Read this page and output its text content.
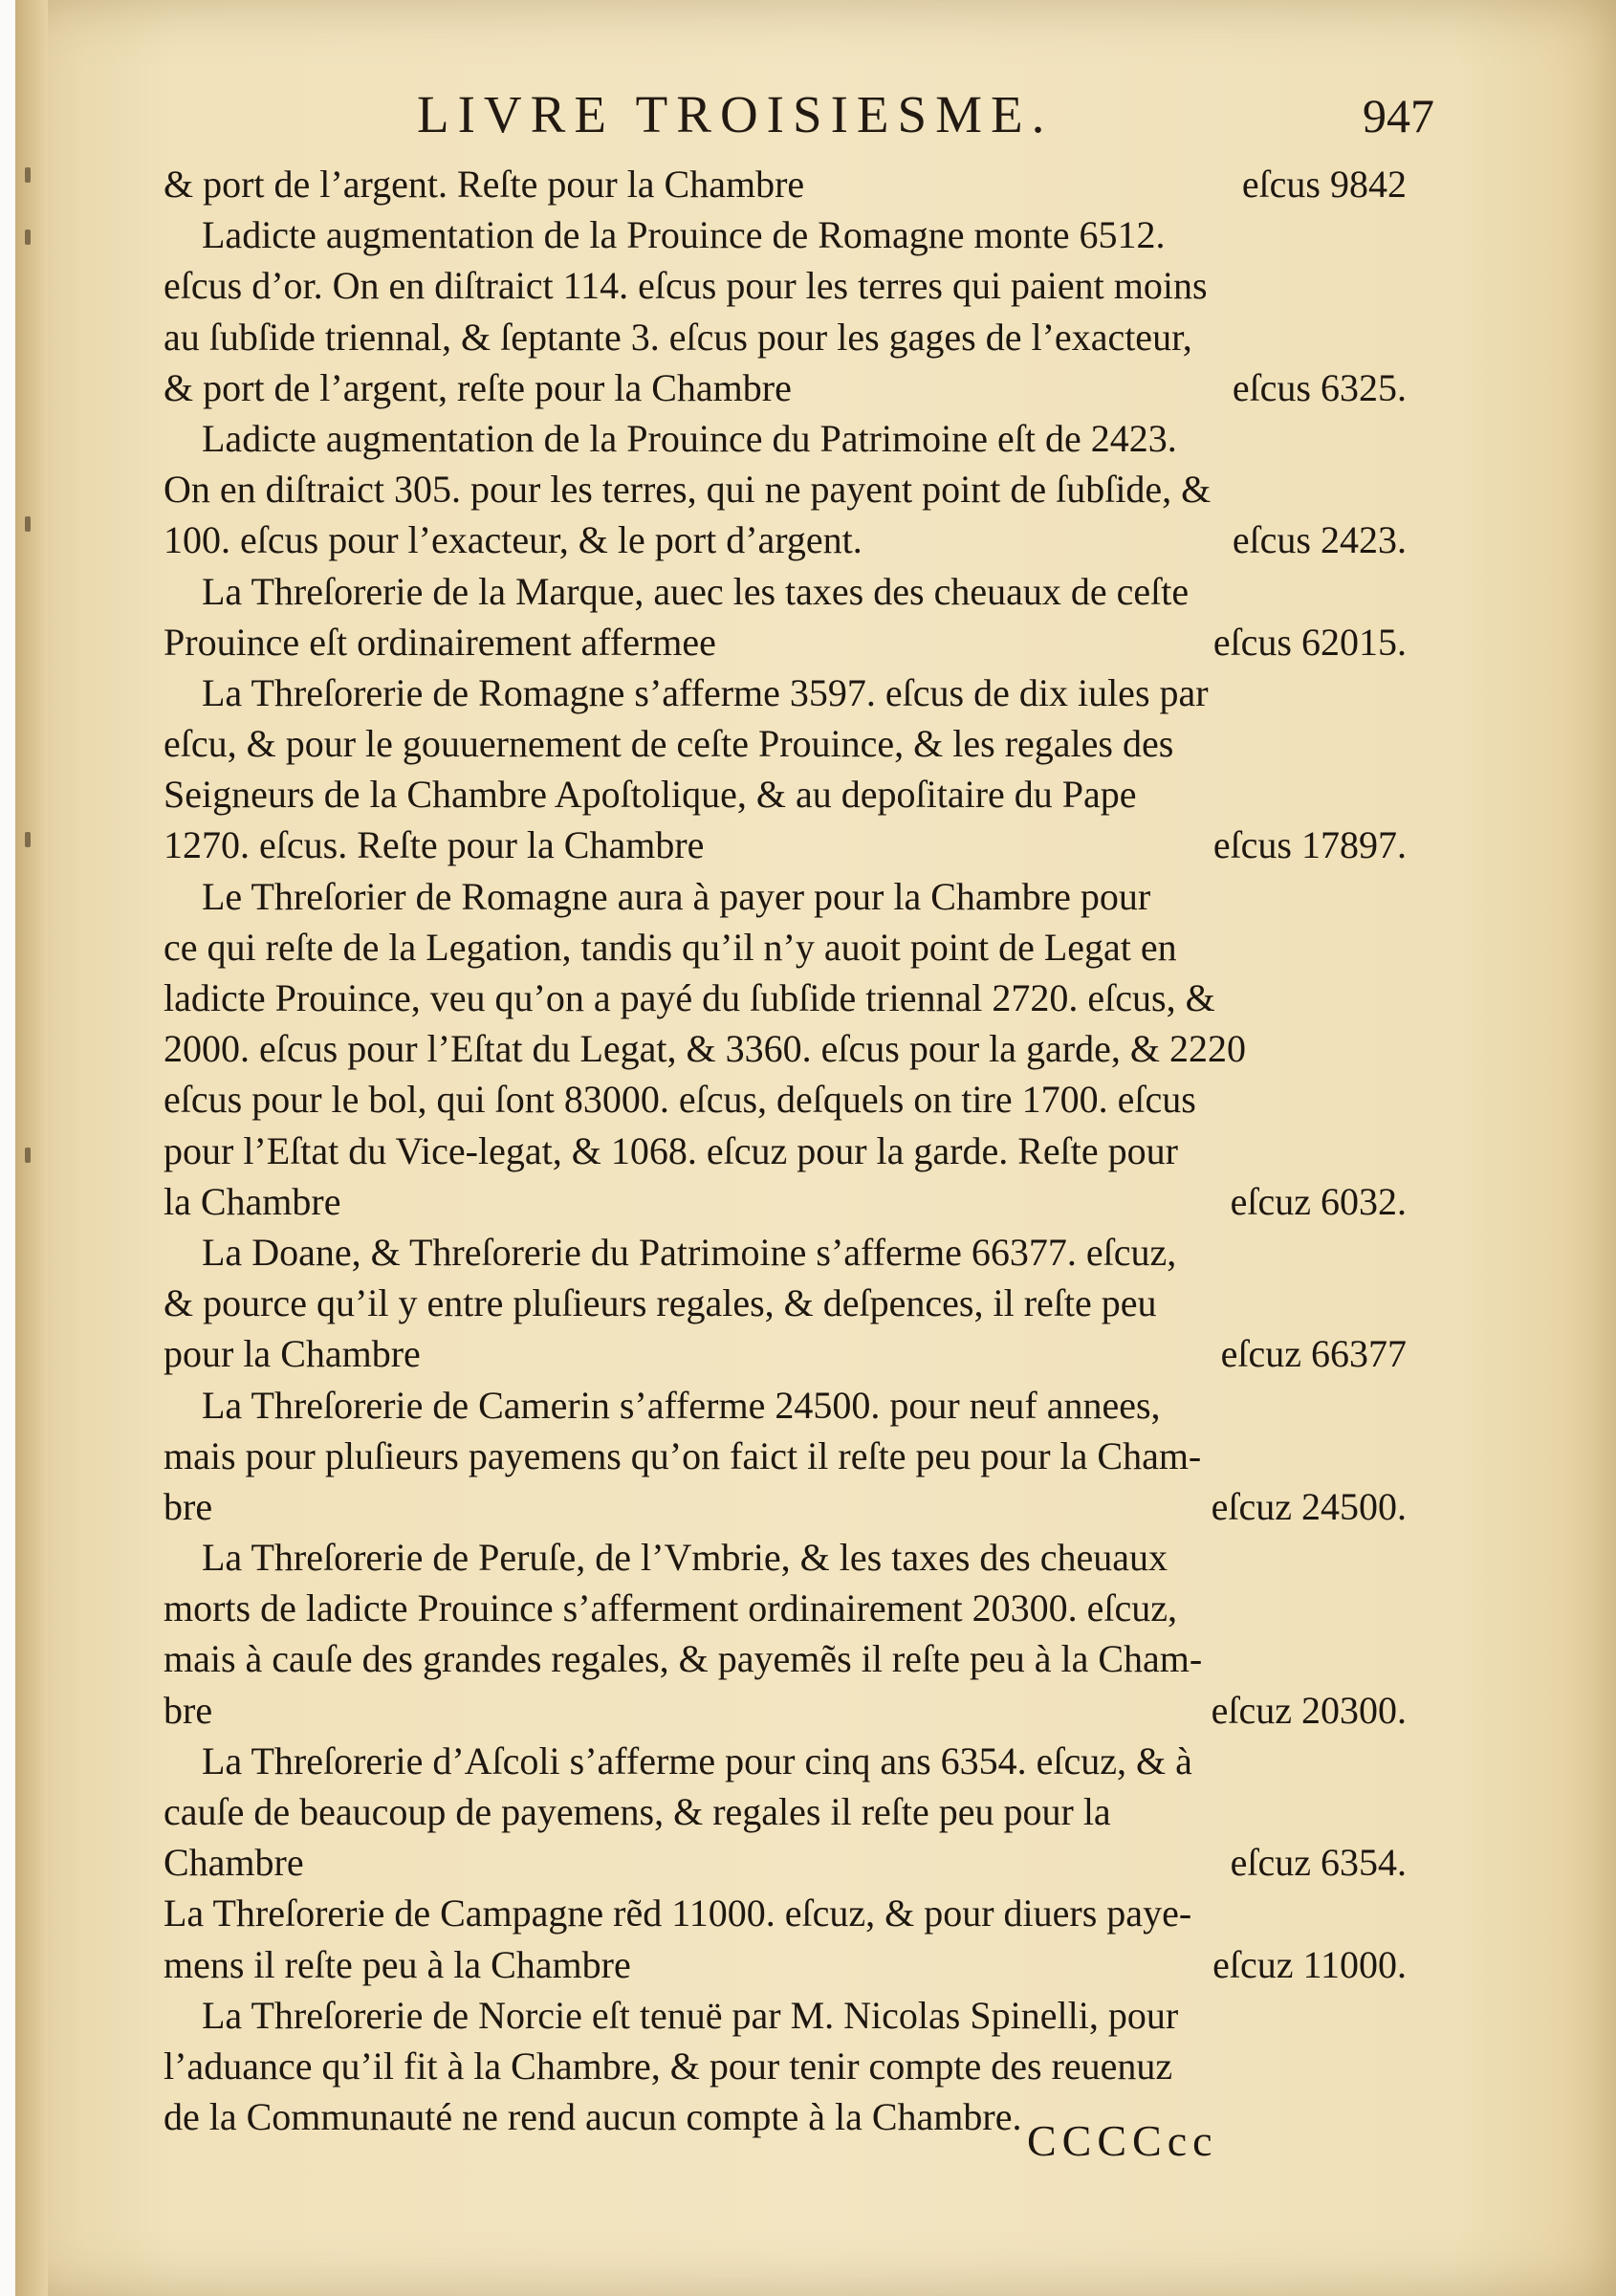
LIVRE TROISIESME.	947
& port de l’argent. Reſte pour la Chambre	eſcus 9842
Ladicte augmentation de la Prouince de Romagne monte 6512.
eſcus d’or. On en diſtraict 114. eſcus pour les terres qui paient moins
au ſubſide triennal, & ſeptante 3. eſcus pour les gages de l’exacteur,
& port de l’argent, reſte pour la Chambre	eſcus 6325.
Ladicte augmentation de la Prouince du Patrimoine eſt de 2423.
On en diſtraict 305. pour les terres, qui ne payent point de ſubſide, &
100. eſcus pour l’exacteur, & le port d’argent.	eſcus 2423.
La Threſorerie de la Marque, auec les taxes des cheuaux de ceſte
Prouince eſt ordinairement affermee	eſcus 62015.
La Threſorerie de Romagne s’afferme 3597. eſcus de dix iules par
eſcu, & pour le gouuernement de ceſte Prouince, & les regales des
Seigneurs de la Chambre Apoſtolique, & au depoſitaire du Pape
1270. eſcus. Reſte pour la Chambre	eſcus 17897.
Le Threſorier de Romagne aura à payer pour la Chambre pour
ce qui reſte de la Legation, tandis qu’il n’y auoit point de Legat en
ladicte Prouince, veu qu’on a payé du ſubſide triennal 2720. eſcus, &
2000. eſcus pour l’Eſtat du Legat, & 3360. eſcus pour la garde, & 2220
eſcus pour le bol, qui ſont 83000. eſcus, deſquels on tire 1700. eſcus
pour l’Eſtat du Vice-legat, & 1068. eſcuz pour la garde. Reſte pour
la Chambre	eſcuz 6032.
La Doane, & Threſorerie du Patrimoine s’afferme 66377. eſcuz,
& pource qu’il y entre pluſieurs regales, & deſpences, il reſte peu
pour la Chambre	eſcuz 66377
La Threſorerie de Camerin s’afferme 24500. pour neuf annees,
mais pour pluſieurs payemens qu’on faict il reſte peu pour la Cham-
bre	eſcuz 24500.
La Threſorerie de Peruſe, de l’Vmbrie, & les taxes des cheuaux
morts de ladicte Prouince s’afferment ordinairement 20300. eſcuz,
mais à cauſe des grandes regales, & payemẽs il reſte peu à la Cham-
bre	eſcuz 20300.
La Threſorerie d’Aſcoli s’afferme pour cinq ans 6354. eſcuz, & à
cauſe de beaucoup de payemens, & regales il reſte peu pour la
Chambre	eſcuz 6354.
La Threſorerie de Campagne rẽd 11000. eſcuz, & pour diuers paye-
mens il reſte peu à la Chambre	eſcuz 11000.
La Threſorerie de Norcie eſt tenuë par M. Nicolas Spinelli, pour
l’aduance qu’il fit à la Chambre, & pour tenir compte des reuenuz
de la Communauté ne rend aucun compte à la Chambre. CCCCcc
